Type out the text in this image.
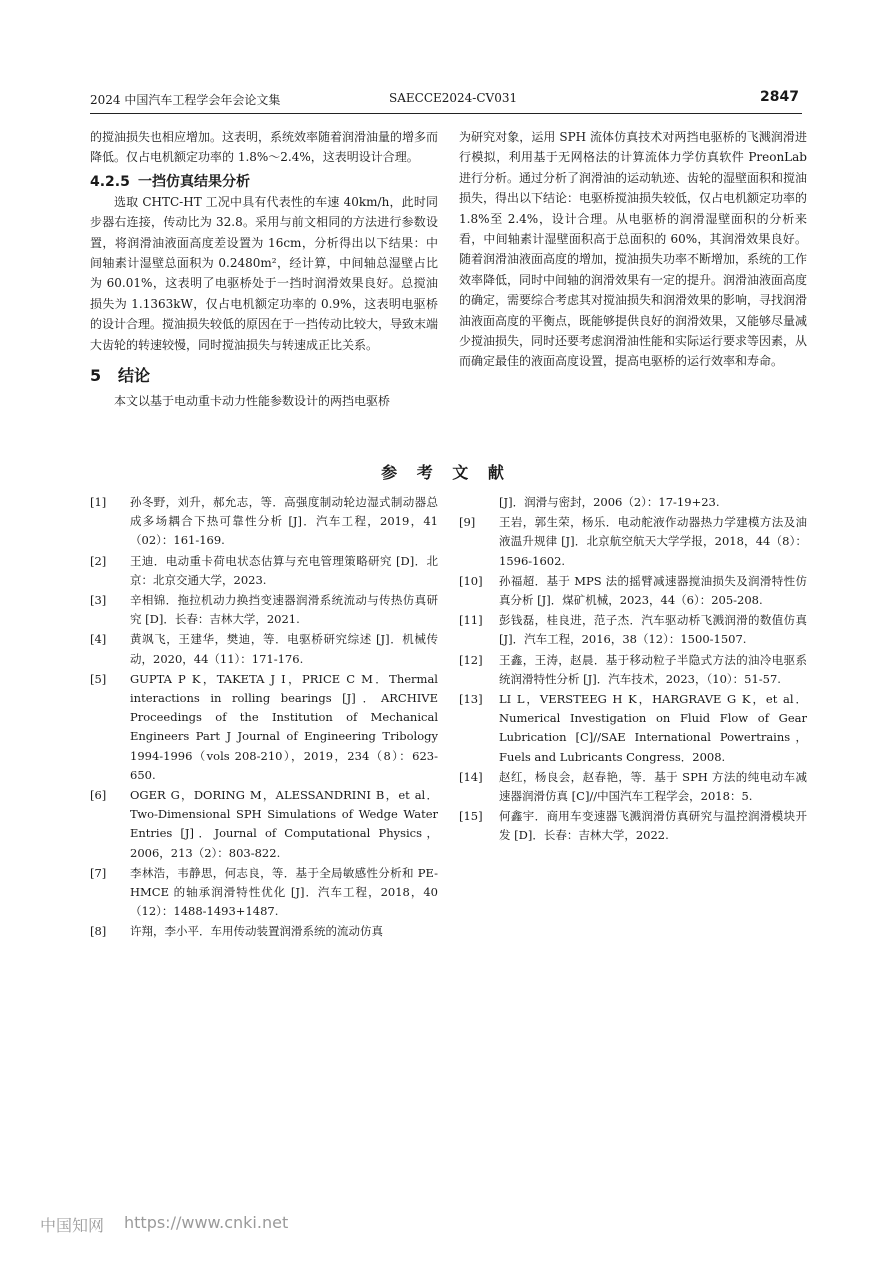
2024 中国汽车工程学会年会论文集	SAECCE2024-CV031	2847

的搅油损失也相应增加。这表明，系统效率随着润滑油量的增多而降低。仅占电机额定功率的 1.8%～2.4%，这表明设计合理。

4.2.5 一挡仿真结果分析

选取 CHTC-HT 工况中具有代表性的车速 40km/h，此时同步器右连接，传动比为 32.8。采用与前文相同的方法进行参数设置，将润滑油液面高度差设置为 16cm，分析得出以下结果：中间轴素计湿壁总面积为 0.2480m²，经计算，中间轴总湿壁占比为 60.01%，这表明了电驱桥处于一挡时润滑效果良好。总搅油损失为 1.1363kW，仅占电机额定功率的 0.9%，这表明电驱桥的设计合理。搅油损失较低的原因在于一挡传动比较大，导致末端大齿轮的转速较慢，同时搅油损失与转速成正比关系。

5 结论

本文以基于电动重卡动力性能参数设计的两挡电驱桥

为研究对象，运用 SPH 流体仿真技术对两挡电驱桥的飞溅润滑进行模拟，利用基于无网格法的计算流体力学仿真软件 PreonLab 进行分析。通过分析了润滑油的运动轨迹、齿轮的湿壁面积和搅油损失，得出以下结论：电驱桥搅油损失较低，仅占电机额定功率的 1.8%至 2.4%，设计合理。从电驱桥的润滑湿壁面积的分析来看，中间轴素计湿壁面积高于总面积的 60%，其润滑效果良好。随着润滑油液面高度的增加，搅油损失功率不断增加，系统的工作效率降低，同时中间轴的润滑效果有一定的提升。润滑油液面高度的确定，需要综合考虑其对搅油损失和润滑效果的影响，寻找润滑油液面高度的平衡点，既能够提供良好的润滑效果，又能够尽量减少搅油损失，同时还要考虑润滑油性能和实际运行要求等因素，从而确定最佳的液面高度设置，提高电驱桥的运行效率和寿命。

参 考 文 献
[1]	孙冬野，刘升，郝允志，等．高强度制动轮边湿式制动器总成多场耦合下热可靠性分析 [J]．汽车工程，2019，41（02）：161-169.
[2]	王迪．电动重卡荷电状态估算与充电管理策略研究 [D]．北京：北京交通大学，2023.
[3]	辛相锦．拖拉机动力换挡变速器润滑系统流动与传热仿真研究 [D]．长春：吉林大学，2021.
[4]	黄飒飞，王建华，樊迪，等．电驱桥研究综述 [J]．机械传动，2020，44（11）：171-176.
[5]	GUPTA P K，TAKETA J I，PRICE C M．Thermal interactions in rolling bearings [J]．ARCHIVE Proceedings of the Institution of Mechanical Engineers Part J Journal of Engineering Tribology 1994-1996（vols 208-210），2019，234（8）：623-650.
[6]	OGER G，DORING M，ALESSANDRINI B，et al．Two-Dimensional SPH Simulations of Wedge Water Entries [J]．Journal of Computational Physics，2006，213（2）：803-822.
[7]	李林浩，韦静思，何志良，等．基于全局敏感性分析和 PE-HMCE 的轴承润滑特性优化 [J]．汽车工程，2018，40（12）：1488-1493+1487.
[8]	许翔，李小平．车用传动装置润滑系统的流动仿真
[J]．润滑与密封，2006（2）：17-19+23.
[9]	王岩，郭生荣，杨乐．电动舵液作动器热力学建模方法及油液温升规律 [J]．北京航空航天大学学报，2018，44（8）：1596-1602.
[10]	孙福超．基于 MPS 法的摇臂减速器搅油损失及润滑特性仿真分析 [J]．煤矿机械，2023，44（6）：205-208.
[11]	彭钱磊，桂良进，范子杰．汽车驱动桥飞溅润滑的数值仿真 [J]．汽车工程，2016，38（12）：1500-1507.
[12]	王鑫，王涛，赵晨．基于移动粒子半隐式方法的油冷电驱系统润滑特性分析 [J]．汽车技术，2023，（10）：51-57.
[13]	LI L，VERSTEEG H K，HARGRAVE G K，et al．Numerical Investigation on Fluid Flow of Gear Lubrication [C]//SAE International Powertrains，Fuels and Lubricants Congress．2008.
[14]	赵红，杨良会，赵春艳，等．基于 SPH 方法的纯电动车减速器润滑仿真 [C]//中国汽车工程学会，2018：5.
[15]	何鑫宇．商用车变速器飞溅润滑仿真研究与温控润滑模块开发 [D]．长春：吉林大学，2022.
中国知网 https://www.cnki.net
